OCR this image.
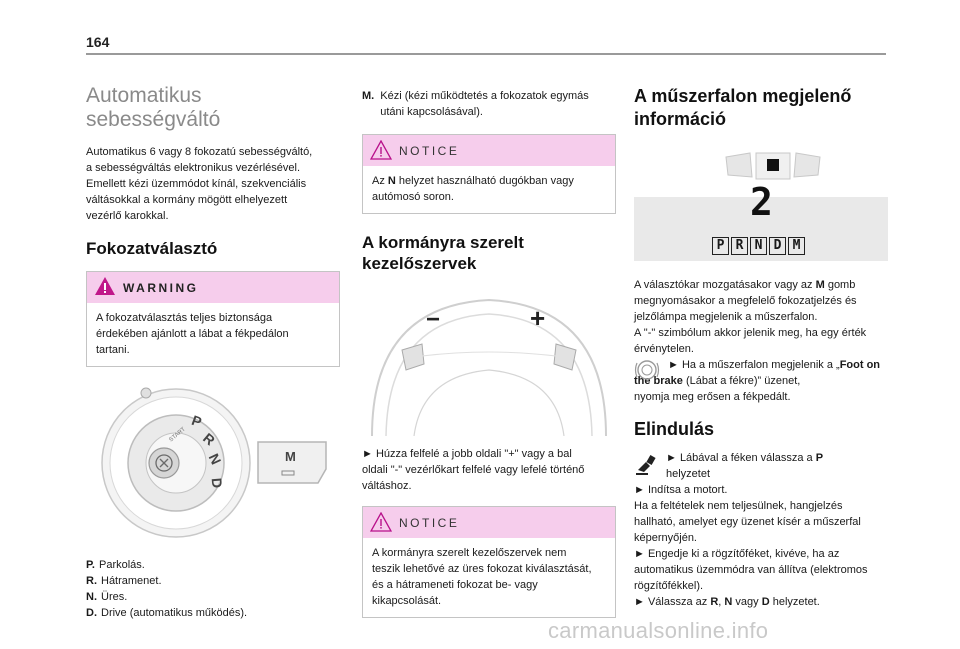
164
Automatikus
sebességváltó

Automatikus 6 vagy 8 fokozatú sebességváltó,
a sebességváltás elektronikus vezérlésével.
Emellett kézi üzemmódot kínál, szekvenciális
váltásokkal a kormány mögött elhelyezett
vezérlő karokkal.

Fokozatválasztó
WARNING
A fokozatválasztás teljes biztonsága
érdekében ajánlott a lábat a fékpedálon
tartani.
P
R
N
D
START
M

P. Parkolás.

R. Hátramenet.

N. Üres.

D. Drive (automatikus működés).

M. Kézi (kézi működtetés a fokozatok egymás
utáni kapcsolásával).

NOTICE
Az N helyzet használható dugókban vagy
autómosó soron.
A kormányra szerelt
kezelőszervek
−	+

► Húzza felfelé a jobb oldali "+" vagy a bal
oldali "-" vezérlőkart felfelé vagy lefelé történő
váltáshoz.

NOTICE
A kormányra szerelt kezelőszervek nem
teszik lehetővé az üres fokozat kiválasztását,
és a hátrameneti fokozat be- vagy
kikapcsolását.
A műszerfalon megjelenő
információ
2
P R N D M

A választókar mozgatásakor vagy az M gomb
megnyomásakor a megfelelő fokozatjelzés és
jelzőlámpa megjelenik a műszerfalon.
A "-" szimbólum akkor jelenik meg, ha egy érték
érvénytelen.

► Ha a műszerfalon megjelenik a „Foot on the brake (Lábat a fékre)” üzenet,
nyomja meg erősen a fékpedált.

Elindulás

► Lábával a féken válassza a P
helyzetet

► Indítsa a motort.
Ha a feltételek nem teljesülnek, hangjelzés
hallható, amelyet egy üzenet kísér a műszerfal
képernyőjén.
► Engedje ki a rögzítőféket, kivéve, ha az
automatikus üzemmódra van állítva (elektromos
rögzítőfékkel).

► Válassza az R, N vagy D helyzetet.

carmanualsonline.info
